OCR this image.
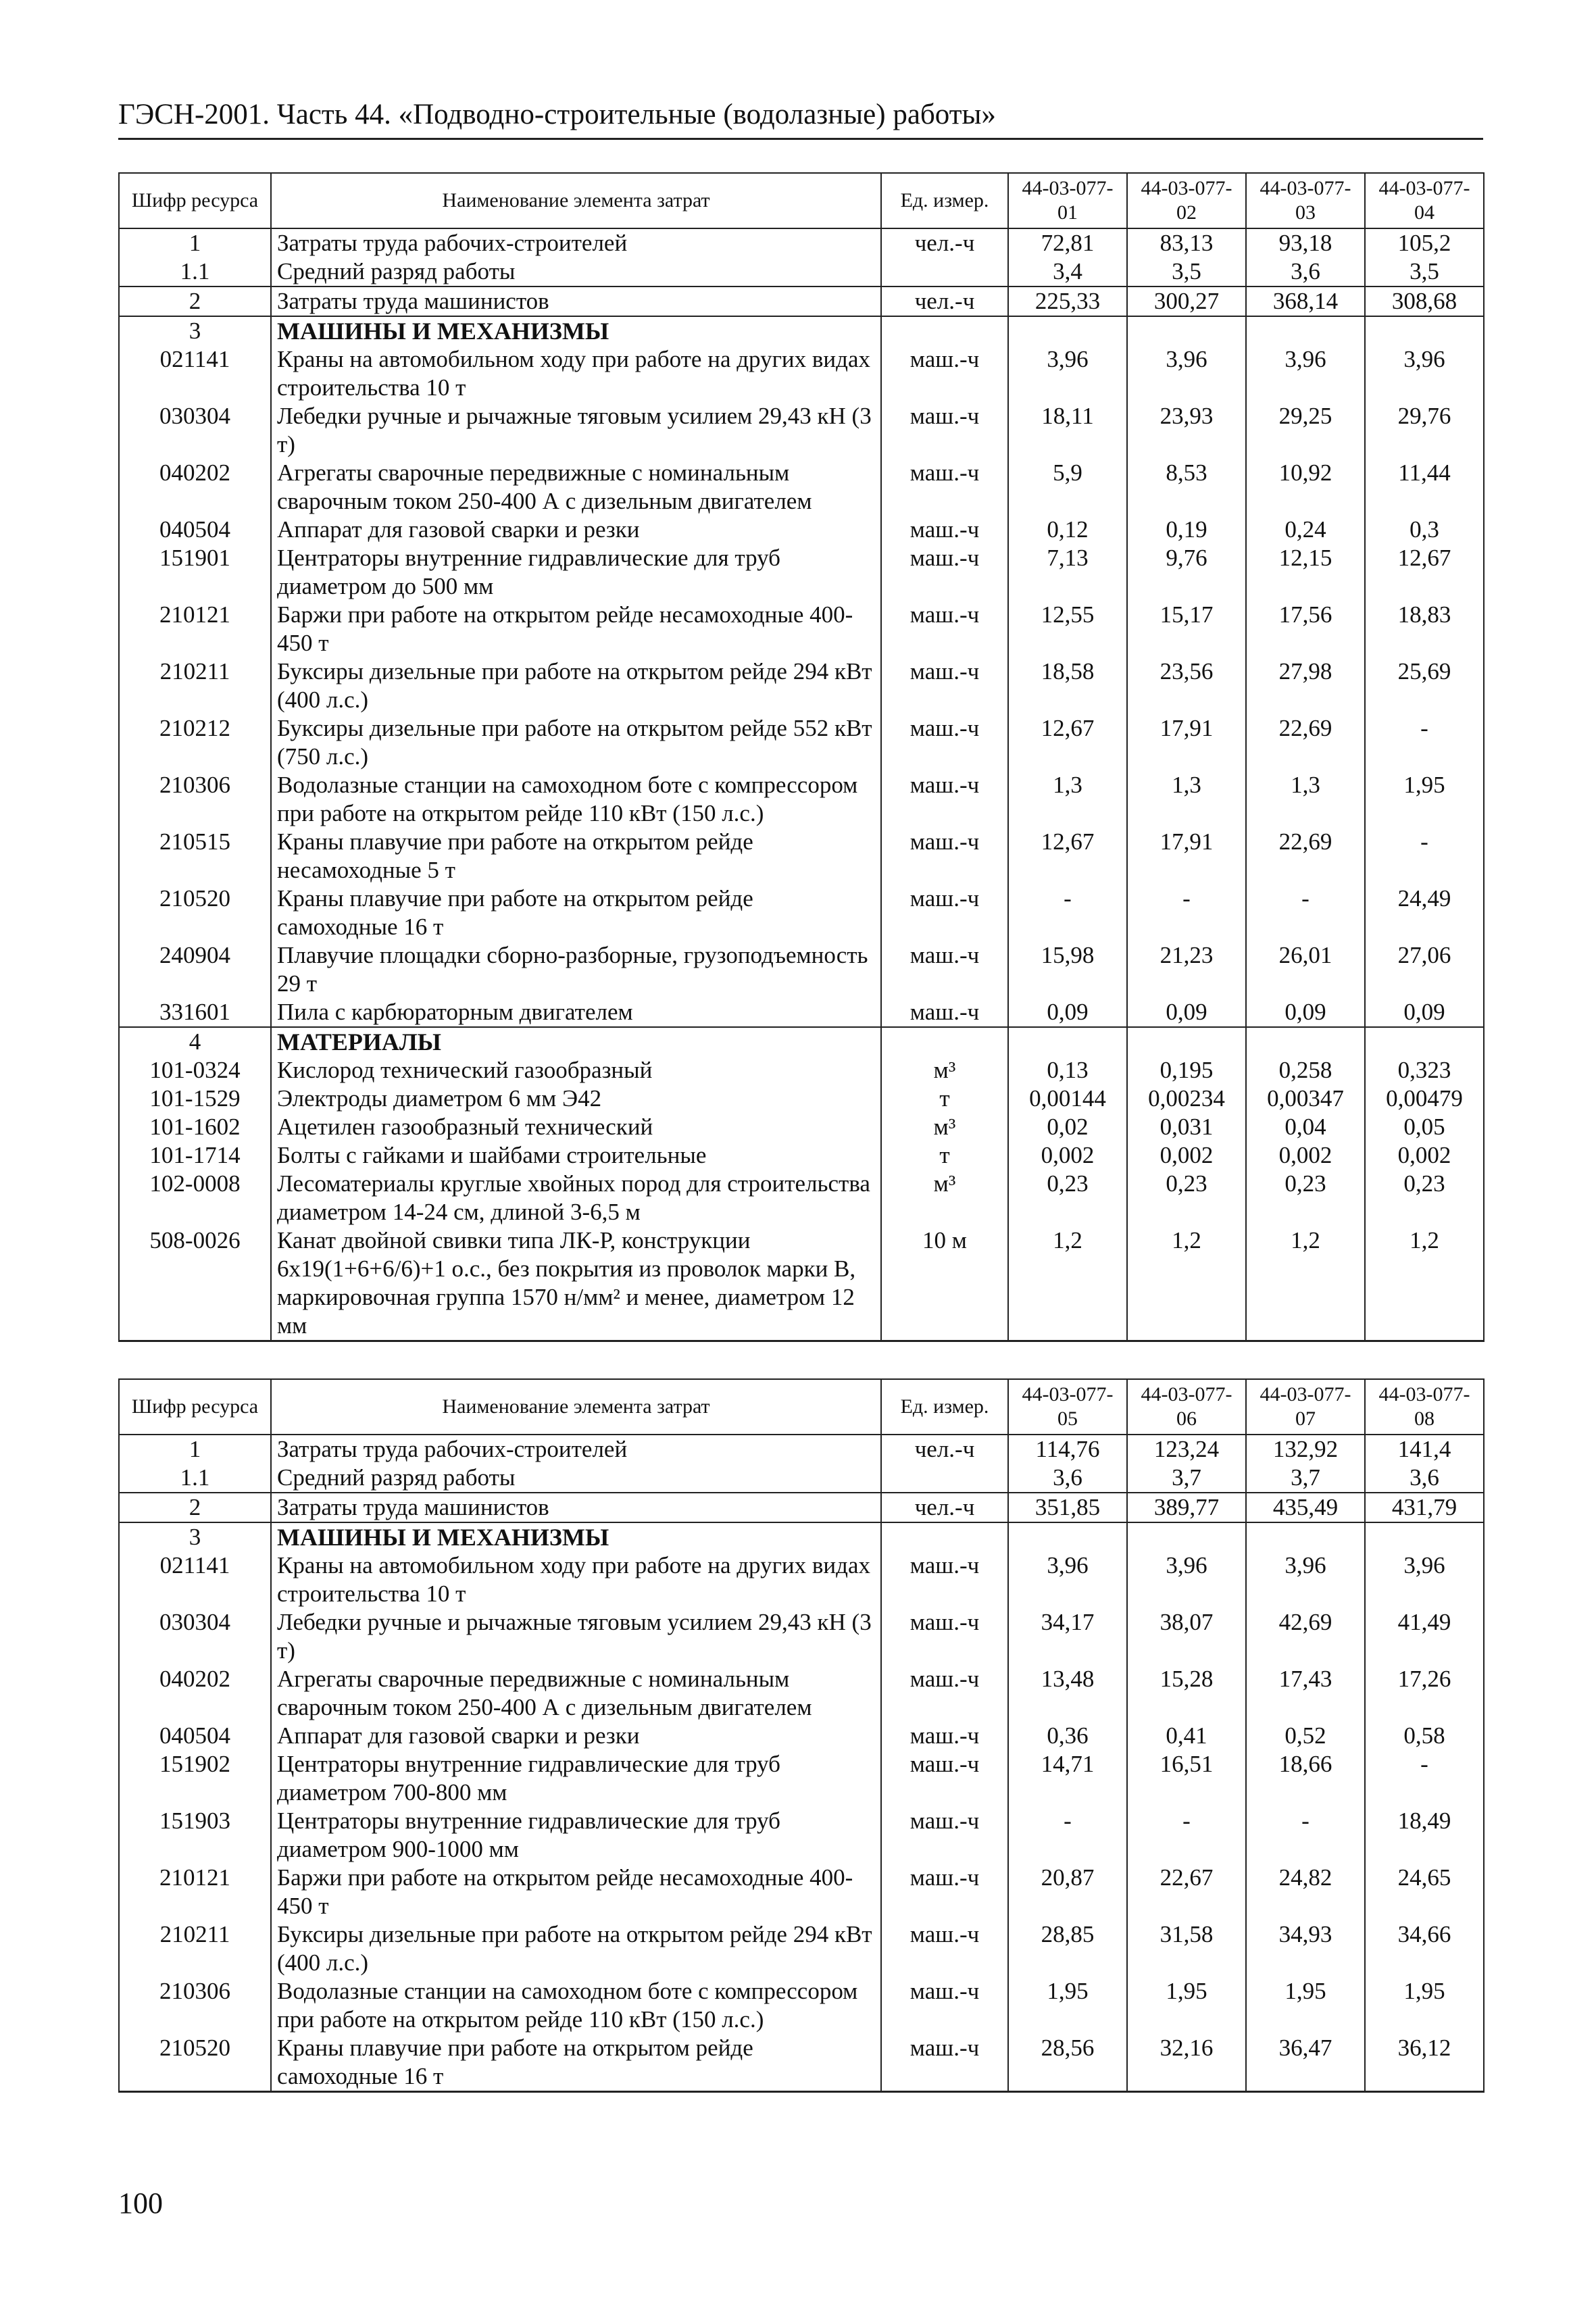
ГЭСН-2001. Часть 44. «Подводно-строительные (водолазные) работы»
Шифр ресурса	Наименование элемента затрат	Ед. измер.	44-03-077-01	44-03-077-02	44-03-077-03	44-03-077-04
1	Затраты труда рабочих-строителей	чел.-ч	72,81	83,13	93,18	105,2
1.1	Средний разряд работы		3,4	3,5	3,6	3,5
2	Затраты труда машинистов	чел.-ч	225,33	300,27	368,14	308,68
3	МАШИНЫ И МЕХАНИЗМЫ					
021141	Краны на автомобильном ходу при работе на других видах строительства 10 т	маш.-ч	3,96	3,96	3,96	3,96
030304	Лебедки ручные и рычажные тяговым усилием 29,43 кН (3 т)	маш.-ч	18,11	23,93	29,25	29,76
040202	Агрегаты сварочные передвижные с номинальным сварочным током 250-400 А с дизельным двигателем	маш.-ч	5,9	8,53	10,92	11,44
040504	Аппарат для газовой сварки и резки	маш.-ч	0,12	0,19	0,24	0,3
151901	Центраторы внутренние гидравлические для труб диаметром до 500 мм	маш.-ч	7,13	9,76	12,15	12,67
210121	Баржи при работе на открытом рейде несамоходные 400-450 т	маш.-ч	12,55	15,17	17,56	18,83
210211	Буксиры дизельные при работе на открытом рейде 294 кВт (400 л.с.)	маш.-ч	18,58	23,56	27,98	25,69
210212	Буксиры дизельные при работе на открытом рейде 552 кВт (750 л.с.)	маш.-ч	12,67	17,91	22,69	-
210306	Водолазные станции на самоходном боте с компрессором при работе на открытом рейде 110 кВт (150 л.с.)	маш.-ч	1,3	1,3	1,3	1,95
210515	Краны плавучие при работе на открытом рейде несамоходные 5 т	маш.-ч	12,67	17,91	22,69	-
210520	Краны плавучие при работе на открытом рейде самоходные 16 т	маш.-ч	-	-	-	24,49
240904	Плавучие площадки сборно-разборные, грузоподъемность 29 т	маш.-ч	15,98	21,23	26,01	27,06
331601	Пила с карбюраторным двигателем	маш.-ч	0,09	0,09	0,09	0,09
4	МАТЕРИАЛЫ					
101-0324	Кислород технический газообразный	м³	0,13	0,195	0,258	0,323
101-1529	Электроды диаметром 6 мм Э42	т	0,00144	0,00234	0,00347	0,00479
101-1602	Ацетилен газообразный технический	м³	0,02	0,031	0,04	0,05
101-1714	Болты с гайками и шайбами строительные	т	0,002	0,002	0,002	0,002
102-0008	Лесоматериалы круглые хвойных пород для строительства диаметром 14-24 см, длиной 3-6,5 м	м³	0,23	0,23	0,23	0,23
508-0026	Канат двойной свивки типа ЛК-Р, конструкции 6х19(1+6+6/6)+1 о.с., без покрытия из проволок марки В, маркировочная группа 1570 н/мм² и менее, диаметром 12 мм	10 м	1,2	1,2	1,2	1,2
Шифр ресурса	Наименование элемента затрат	Ед. измер.	44-03-077-05	44-03-077-06	44-03-077-07	44-03-077-08
1	Затраты труда рабочих-строителей	чел.-ч	114,76	123,24	132,92	141,4
1.1	Средний разряд работы		3,6	3,7	3,7	3,6
2	Затраты труда машинистов	чел.-ч	351,85	389,77	435,49	431,79
3	МАШИНЫ И МЕХАНИЗМЫ					
021141	Краны на автомобильном ходу при работе на других видах строительства 10 т	маш.-ч	3,96	3,96	3,96	3,96
030304	Лебедки ручные и рычажные тяговым усилием 29,43 кН (3 т)	маш.-ч	34,17	38,07	42,69	41,49
040202	Агрегаты сварочные передвижные с номинальным сварочным током 250-400 А с дизельным двигателем	маш.-ч	13,48	15,28	17,43	17,26
040504	Аппарат для газовой сварки и резки	маш.-ч	0,36	0,41	0,52	0,58
151902	Центраторы внутренние гидравлические для труб диаметром 700-800 мм	маш.-ч	14,71	16,51	18,66	-
151903	Центраторы внутренние гидравлические для труб диаметром 900-1000 мм	маш.-ч	-	-	-	18,49
210121	Баржи при работе на открытом рейде несамоходные 400-450 т	маш.-ч	20,87	22,67	24,82	24,65
210211	Буксиры дизельные при работе на открытом рейде 294 кВт (400 л.с.)	маш.-ч	28,85	31,58	34,93	34,66
210306	Водолазные станции на самоходном боте с компрессором при работе на открытом рейде 110 кВт (150 л.с.)	маш.-ч	1,95	1,95	1,95	1,95
210520	Краны плавучие при работе на открытом рейде самоходные 16 т	маш.-ч	28,56	32,16	36,47	36,12
100
